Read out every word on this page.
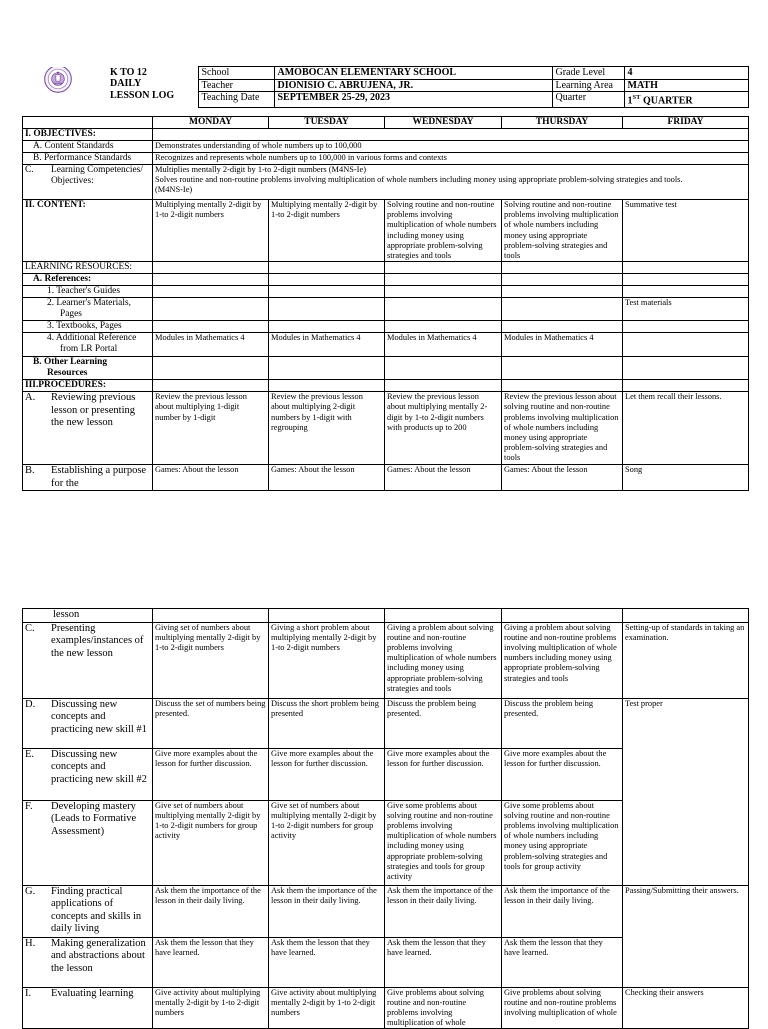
K TO 12
DAILY
LESSON LOG	School	AMOBOCAN ELEMENTARY SCHOOL	Grade Level	4
		Teacher	DIONISIO C. ABRUJENA, JR.	Learning Area	MATH
		Teaching Date	SEPTEMBER 25-29, 2023	Quarter	1ST QUARTER
	MONDAY	TUESDAY	WEDNESDAY	THURSDAY	FRIDAY
I. OBJECTIVES:					
A. Content Standards	Demonstrates understanding of whole numbers up to 100,000				
B. Performance Standards	Recognizes and represents whole numbers up to 100,000 in various forms and contexts				
C. Learning Competencies/ Objectives:	Multiplies mentally 2-digit by 1-to 2-digit numbers (M4NS-Ie)
Solves routine and non-routine problems involving multiplication of whole numbers including money using appropriate problem-solving strategies and tools.
(M4NS-Ie)				

II. CONTENT:	Multiplying mentally 2-digit by 1-to 2-digit numbers	Multiplying mentally 2-digit by 1-to 2-digit numbers	Solving routine and non-routine problems involving multiplication of whole numbers including money using appropriate problem-solving strategies and tools	Solving routine and non-routine problems involving multiplication of whole numbers including money using appropriate problem-solving strategies and tools	Summative test
LEARNING RESOURCES:					
A. References:					
1. Teacher's Guides					

2. Learner's Materials,
Pages					Test materials
3. Textbooks, Pages					

4. Additional Reference
from LR Portal	Modules in Mathematics 4	Modules in Mathematics 4	Modules in Mathematics 4	Modules in Mathematics 4	

B. Other Learning
Resources					

III.PROCEDURES:					
A. Reviewing previous lesson or presenting the new lesson	Review the previous lesson about multiplying 1-digit number by 1-digit	Review the previous lesson about multiplying 2-digit numbers by 1-digit with regrouping	Review the previous lesson about multiplying mentally 2-digit by 1-to 2-digit numbers with products up to 200	Review the previous lesson about solving routine and non-routine problems involving multiplication of whole numbers including money using appropriate problem-solving strategies and tools	Let them recall their lessons.
B. Establishing a purpose for the	Games: About the lesson	Games: About the lesson	Games: About the lesson	Games: About the lesson	Song
lesson					
C. Presenting examples/instances of the new lesson	Giving set of numbers about multiplying mentally 2-digit by 1-to 2-digit numbers	Giving a short problem about multiplying mentally 2-digit by 1-to 2-digit numbers	Giving a problem about solving routine and non-routine problems involving multiplication of whole numbers including money using appropriate problem-solving strategies and tools	Giving a problem about solving routine and non-routine problems involving multiplication of whole numbers including money using appropriate problem-solving strategies and tools	Setting-up of standards in taking an examination.
D. Discussing new concepts and practicing new skill #1	Discuss the set of numbers being presented.	Discuss the short problem being presented	Discuss the problem being presented.	Discuss the problem being presented.	Test proper
E. Discussing new concepts and practicing new skill #2	Give more examples about the lesson for further discussion.	Give more examples about the lesson for further discussion.	Give more examples about the lesson for further discussion.	Give more examples about the lesson for further discussion.	
F. Developing mastery (Leads to Formative Assessment)	Give set of numbers about multiplying mentally 2-digit by 1-to 2-digit numbers for group activity	Give set of numbers about multiplying mentally 2-digit by 1-to 2-digit numbers for group activity	Give some problems about solving routine and non-routine problems involving multiplication of whole numbers including money using appropriate problem-solving strategies and tools for group activity	Give some problems about solving routine and non-routine problems involving multiplication of whole numbers including money using appropriate problem-solving strategies and tools for group activity	
G. Finding practical applications of concepts and skills in daily living	Ask them the importance of the lesson in their daily living.	Ask them the importance of the lesson in their daily living.	Ask them the importance of the lesson in their daily living.	Ask them the importance of the lesson in their daily living.	Passing/Submitting their answers.
H. Making generalization and abstractions about the lesson	Ask them the lesson that they have learned.	Ask them the lesson that they have learned.	Ask them the lesson that they have learned.	Ask them the lesson that they have learned.	
I. Evaluating learning	Give activity about multiplying mentally 2-digit by 1-to 2-digit numbers	Give activity about multiplying mentally 2-digit by 1-to 2-digit numbers	Give problems about solving routine and non-routine problems involving multiplication of whole	Give problems about solving routine and non-routine problems involving multiplication of whole	Checking their answers
